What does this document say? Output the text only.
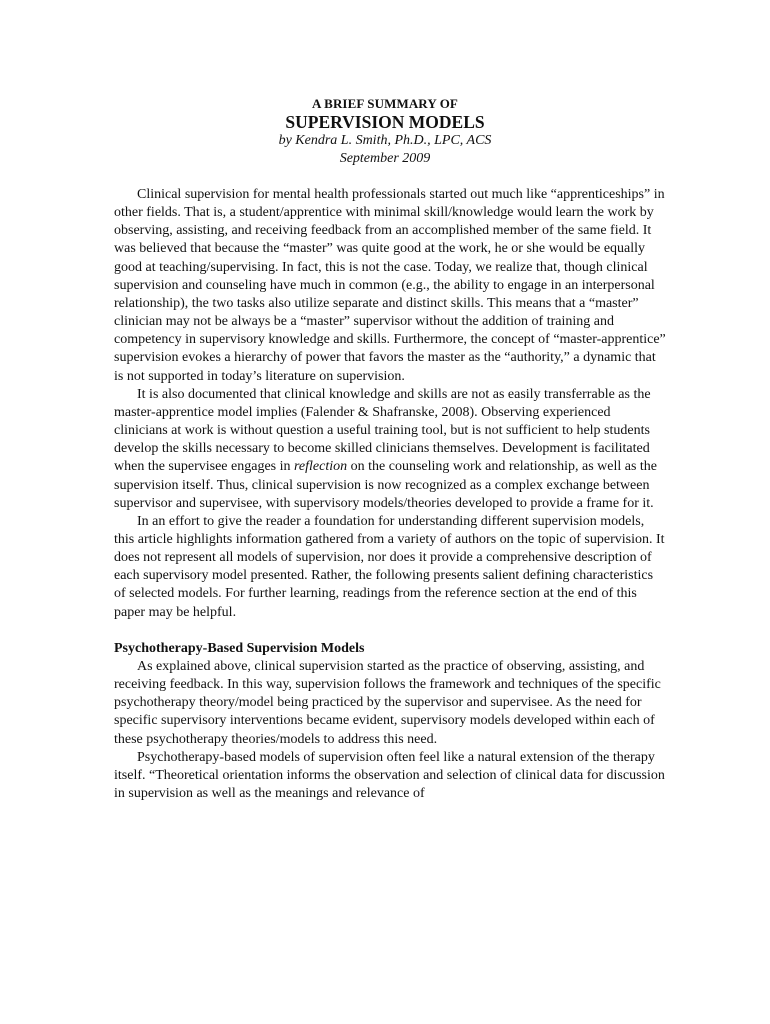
A BRIEF SUMMARY OF
SUPERVISION MODELS
by Kendra L. Smith, Ph.D., LPC, ACS
September 2009

Clinical supervision for mental health professionals started out much like “apprenticeships” in other fields. That is, a student/apprentice with minimal skill/knowledge would learn the work by observing, assisting, and receiving feedback from an accomplished member of the same field. It was believed that because the “master” was quite good at the work, he or she would be equally good at teaching/supervising. In fact, this is not the case. Today, we realize that, though clinical supervision and counseling have much in common (e.g., the ability to engage in an interpersonal relationship), the two tasks also utilize separate and distinct skills. This means that a “master” clinician may not be always be a “master” supervisor without the addition of training and competency in supervisory knowledge and skills. Furthermore, the concept of “master-apprentice” supervision evokes a hierarchy of power that favors the master as the “authority,” a dynamic that is not supported in today’s literature on supervision.

It is also documented that clinical knowledge and skills are not as easily transferrable as the master-apprentice model implies (Falender & Shafranske, 2008). Observing experienced clinicians at work is without question a useful training tool, but is not sufficient to help students develop the skills necessary to become skilled clinicians themselves. Development is facilitated when the supervisee engages in reflection on the counseling work and relationship, as well as the supervision itself. Thus, clinical supervision is now recognized as a complex exchange between supervisor and supervisee, with supervisory models/theories developed to provide a frame for it.

In an effort to give the reader a foundation for understanding different supervision models, this article highlights information gathered from a variety of authors on the topic of supervision. It does not represent all models of supervision, nor does it provide a comprehensive description of each supervisory model presented. Rather, the following presents salient defining characteristics of selected models. For further learning, readings from the reference section at the end of this paper may be helpful.

Psychotherapy-Based Supervision Models

As explained above, clinical supervision started as the practice of observing, assisting, and receiving feedback. In this way, supervision follows the framework and techniques of the specific psychotherapy theory/model being practiced by the supervisor and supervisee. As the need for specific supervisory interventions became evident, supervisory models developed within each of these psychotherapy theories/models to address this need.

Psychotherapy-based models of supervision often feel like a natural extension of the therapy itself. “Theoretical orientation informs the observation and selection of clinical data for discussion in supervision as well as the meanings and relevance of
